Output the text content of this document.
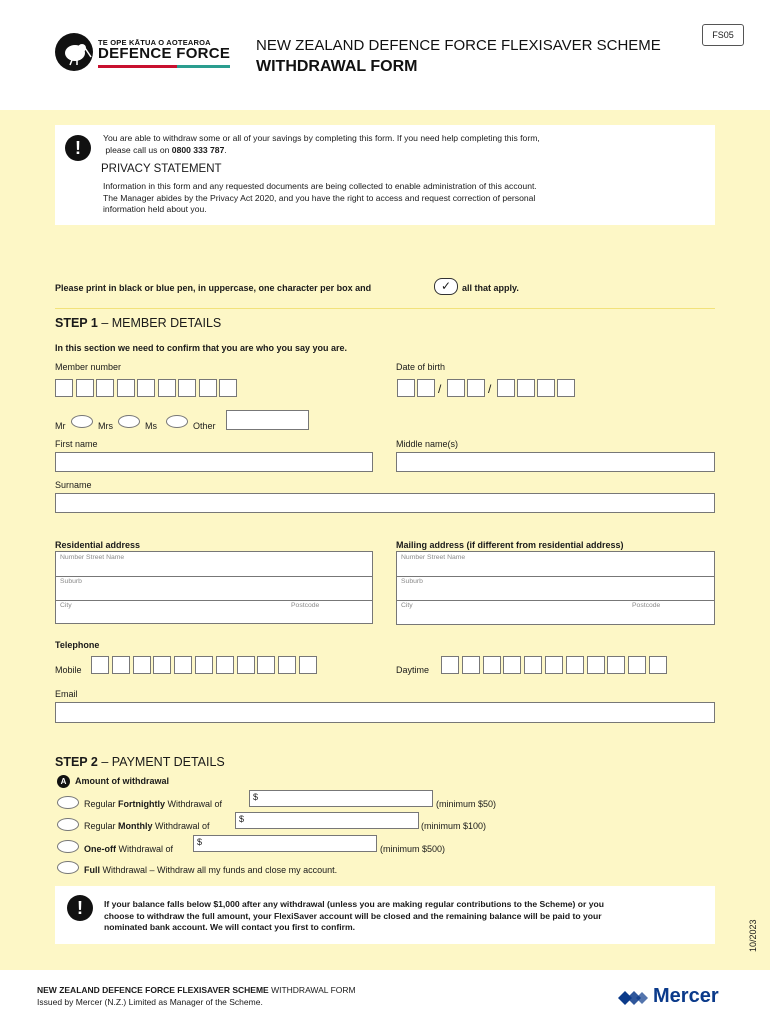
TE OPE KĀTUA O AOTEAROA
DEFENCE FORCE NEW ZEALAND DEFENCE FORCE FLEXISAVER SCHEME
WITHDRAWAL FORM
FS05
!	You are able to withdraw some or all of your savings by completing this form. If you need help completing this form,
please call us on 0800 333 787.
PRIVACY STATEMENT
Information in this form and any requested documents are being collected to enable administration of this account.
The Manager abides by the Privacy Act 2020, and you have the right to access and request correction of personal
information held about you.
Please print in black or blue pen, in uppercase, one character per box and	✓	all that apply.
STEP 1 – MEMBER DETAILS
In this section we need to confirm that you are who you say you are.
Member number	Date of birth
/	/
Mr	Mrs	Ms	Other
First name	Middle name(s)
Surname
Residential address
Number Street Name
Suburb
City	Postcode
Mailing address (if different from residential address)
Number Street Name
Suburb
City	Postcode
Telephone
Mobile	Daytime
Email
STEP 2 – PAYMENT DETAILS
A Amount of withdrawal
Regular Fortnightly Withdrawal of
$
(minimum $50)
Regular Monthly Withdrawal of
$
(minimum $100)
One-off Withdrawal of
$
(minimum $500)
Full Withdrawal – Withdraw all my funds and close my account.
!	If your balance falls below $1,000 after any withdrawal (unless you are making regular contributions to the Scheme) or you
choose to withdraw the full amount, your FlexiSaver account will be closed and the remaining balance will be paid to your
nominated bank account. We will contact you first to confirm.	10/2023
NEW ZEALAND DEFENCE FORCE FLEXISAVER SCHEME WITHDRAWAL FORM
Issued by Mercer (N.Z.) Limited as Manager of the Scheme.	Mercer
